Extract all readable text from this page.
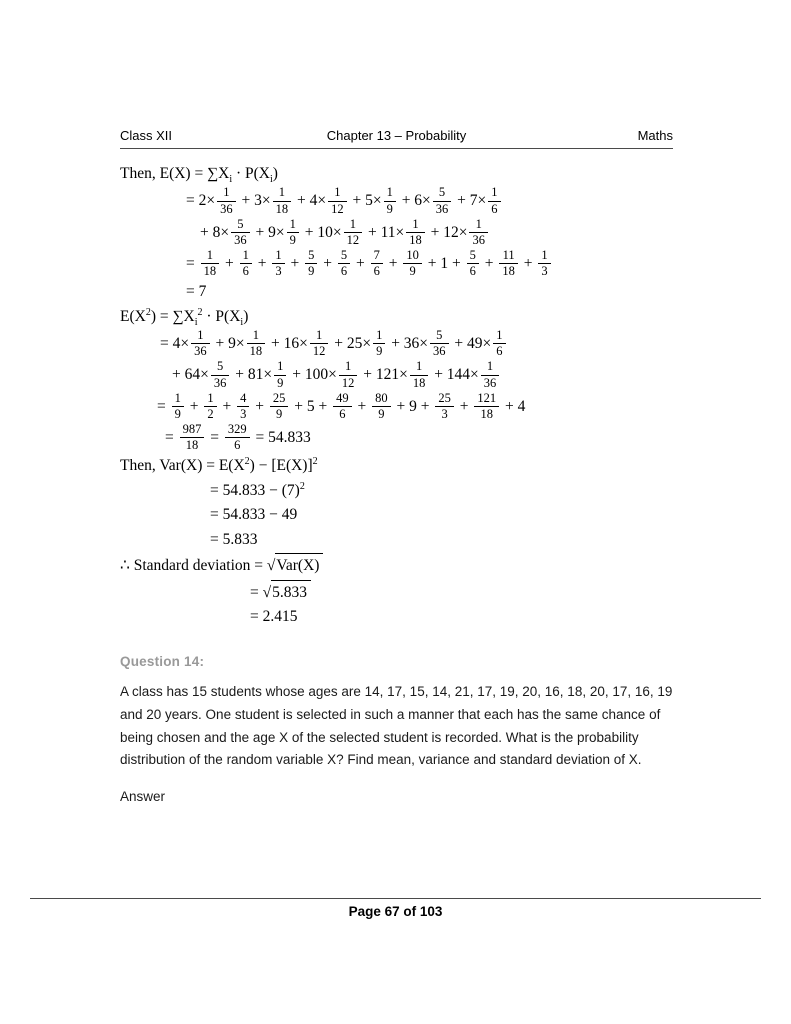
Class XII	Chapter 13 – Probability	Maths
Then, $E(X) = \sum X_i \cdot P(X_i)$
= $2\times \frac{1}{36} + 3\times \frac{1}{18} + 4\times \frac{1}{12} + 5\times \frac{1}{9} + 6\times \frac{5}{36} + 7\times \frac{1}{6}$
+ $8\times \frac{5}{36} + 9\times \frac{1}{9} + 10\times \frac{1}{12} + 11\times \frac{1}{18} + 12\times \frac{1}{36}$
= $\frac{1}{18} + \frac{1}{6} + \frac{1}{3} + \frac{5}{9} + \frac{5}{6} + \frac{7}{6} + \frac{10}{9} + 1 + \frac{5}{6} + \frac{11}{18} + \frac{1}{3}$
= 7
$E(X^2) = \sum X_i^2 \cdot P(X_i)$
= $4\times \frac{1}{36} + 9\times \frac{1}{18} + 16\times \frac{1}{12} + 25\times \frac{1}{9} + 36\times \frac{5}{36} + 49\times \frac{1}{6}$
+ $64\times \frac{5}{36} + 81\times \frac{1}{9} + 100\times \frac{1}{12} + 121\times \frac{1}{18} + 144\times \frac{1}{36}$
= $\frac{1}{9} + \frac{1}{2} + \frac{4}{3} + \frac{25}{9} + 5 + \frac{49}{6} + \frac{80}{9} + 9 + \frac{25}{3} + \frac{121}{18} + 4$
= $\frac{987}{18} = \frac{329}{6} = 54.833$
Then, $Var(X) = E(X^2) - [E(X)]^2$
= $54.833 - (7)^2$
= 54.833 − 49
= 5.833
∴ Standard deviation = √Var(X)
= √5.833
= 2.415
Question 14:

A class has 15 students whose ages are 14, 17, 15, 14, 21, 17, 19, 20, 16, 18, 20, 17, 16, 19 and 20 years. One student is selected in such a manner that each has the same chance of being chosen and the age X of the selected student is recorded. What is the probability distribution of the random variable X? Find mean, variance and standard deviation of X.

Answer

Page 67 of 103
